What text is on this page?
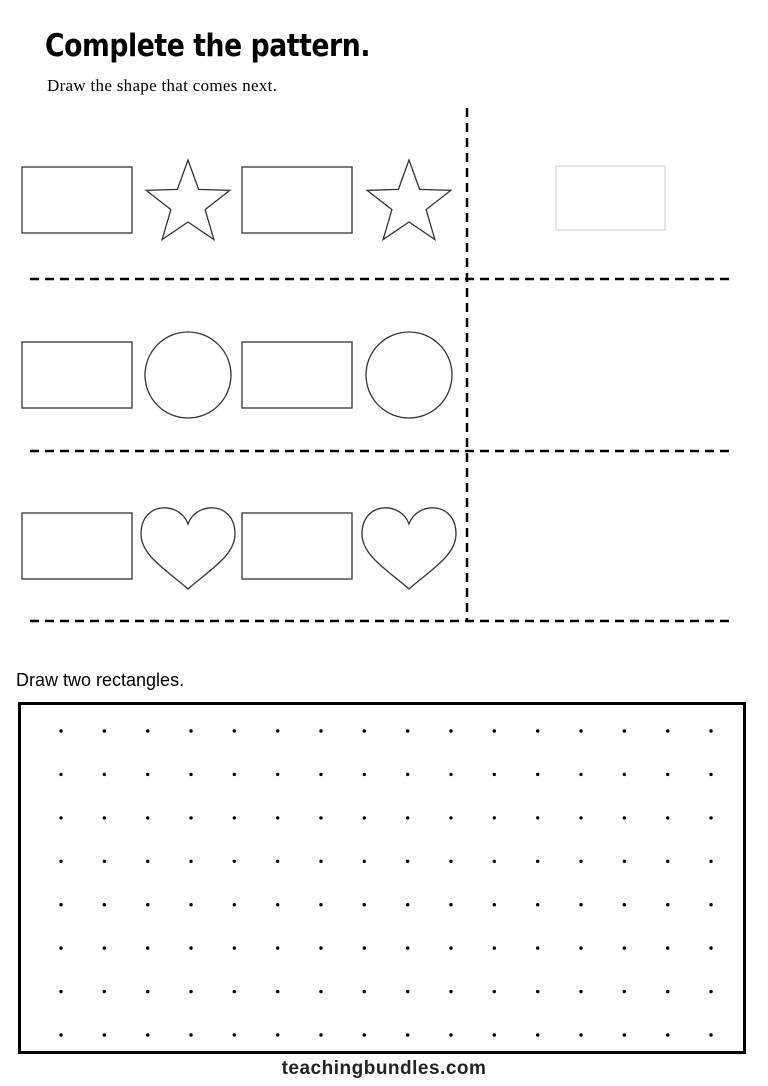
Complete the pattern.
Draw the shape that comes next.
Draw two rectangles.
teachingbundles.com
